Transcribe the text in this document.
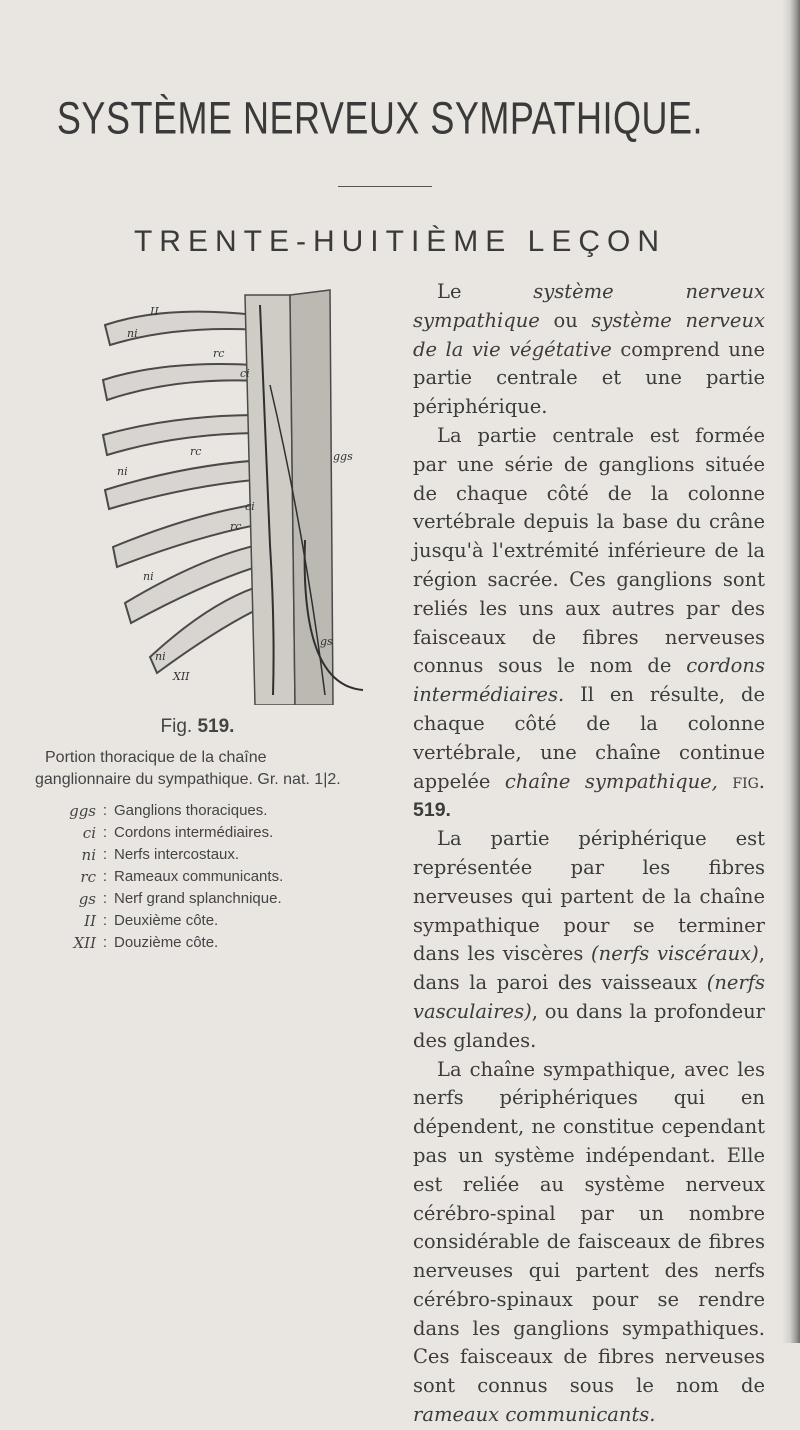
SYSTÈME NERVEUX SYMPATHIQUE.
TRENTE-HUITIÈME LEÇON
II
ni
rc
ci
rc	ggs
ni
rc
ci
ni
gs
ni
XII
Fig. 519.
Portion thoracique de la chaîne ganglionnaire du sympathique. Gr. nat. 1|2.
ggs : Ganglions thoraciques.
ci : Cordons intermédiaires.
ni : Nerfs intercostaux.
rc : Rameaux communicants.
gs : Nerf grand splanchnique.
II : Deuxième côte.
XII : Douzième côte.

Le système nerveux sympathique ou système nerveux de la vie végétative comprend une partie centrale et une partie périphérique.

La partie centrale est formée par une série de ganglions située de chaque côté de la colonne vertébrale depuis la base du crâne jusqu'à l'extrémité inférieure de la région sacrée. Ces ganglions sont reliés les uns aux autres par des faisceaux de fibres nerveuses connus sous le nom de cordons intermédiaires. Il en résulte, de chaque côté de la colonne vertébrale, une chaîne continue appelée chaîne sympathique, fig. 519.

La partie périphérique est représentée par les fibres nerveuses qui partent de la chaîne sympathique pour se terminer dans les viscères (nerfs viscéraux), dans la paroi des vaisseaux (nerfs vasculaires), ou dans la profondeur des glandes.

La chaîne sympathique, avec les nerfs périphériques qui en dépendent, ne constitue cependant pas un système indépendant. Elle est reliée au système nerveux cérébro-spinal par un nombre considérable de faisceaux de fibres nerveuses qui partent des nerfs cérébro-spinaux pour se rendre dans les ganglions sympathiques. Ces faisceaux de fibres nerveuses sont connus sous le nom de rameaux communicants.
